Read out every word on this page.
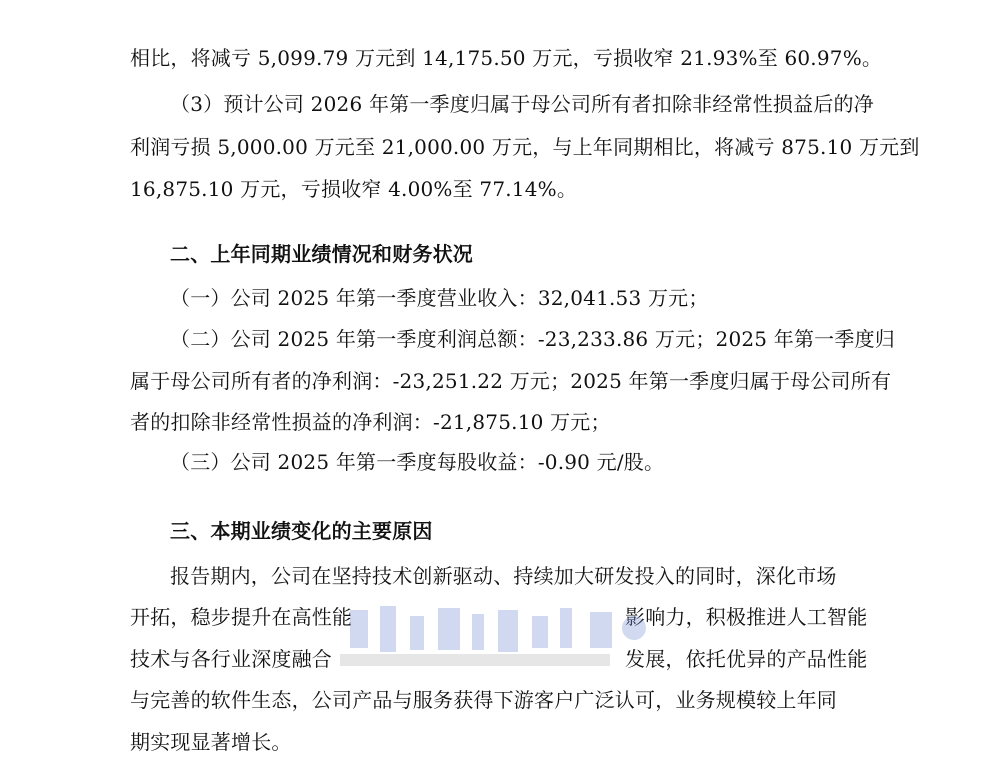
相比，将减亏 5,099.79 万元到 14,175.50 万元，亏损收窄 21.93%至 60.97%。
（3）预计公司 2026 年第一季度归属于母公司所有者扣除非经常性损益后的净
利润亏损 5,000.00 万元至 21,000.00 万元，与上年同期相比，将减亏 875.10 万元到
16,875.10 万元，亏损收窄 4.00%至 77.14%。
二、上年同期业绩情况和财务状况
（一）公司 2025 年第一季度营业收入：32,041.53 万元；
（二）公司 2025 年第一季度利润总额：-23,233.86 万元；2025 年第一季度归
属于母公司所有者的净利润：-23,251.22 万元；2025 年第一季度归属于母公司所有
者的扣除非经常性损益的净利润：-21,875.10 万元；
（三）公司 2025 年第一季度每股收益：-0.90 元/股。
三、本期业绩变化的主要原因
报告期内，公司在坚持技术创新驱动、持续加大研发投入的同时，深化市场
开拓，稳步提升在高性能	影响力，积极推进人工智能
技术与各行业深度融合	发展，依托优异的产品性能
与完善的软件生态，公司产品与服务获得下游客户广泛认可，业务规模较上年同
期实现显著增长。
